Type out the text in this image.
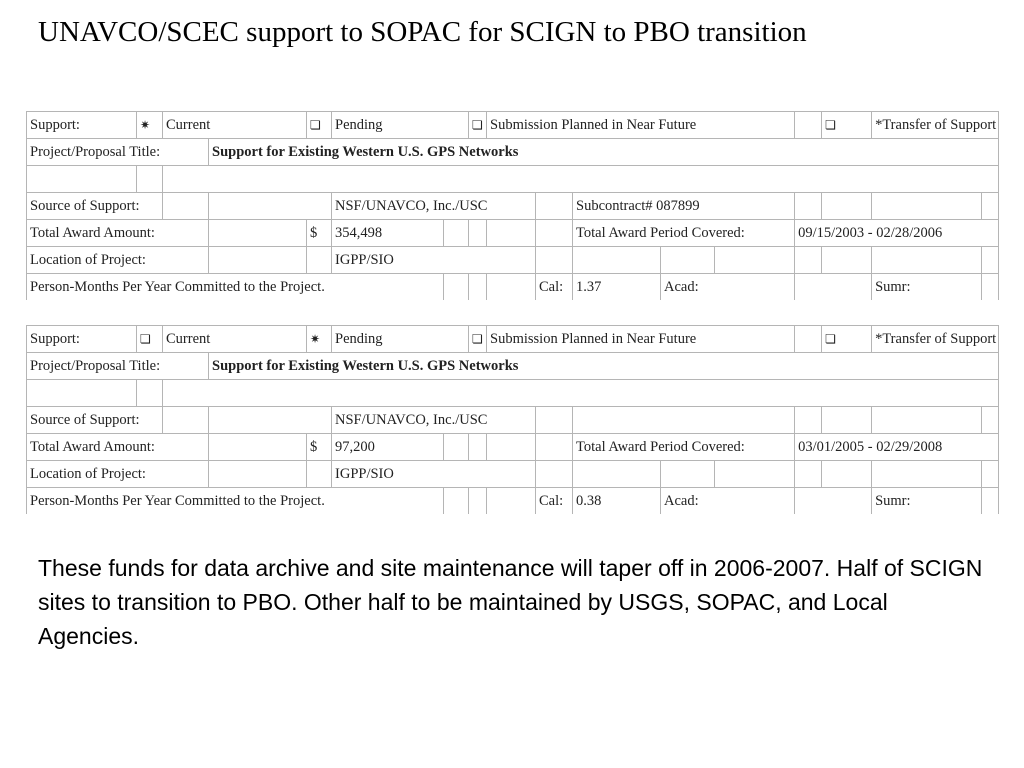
UNAVCO/SCEC support to SOPAC for SCIGN to PBO transition
Support:	✷	Current		❏	Pending		❏	Submission Planned in Near Future						❏	*Transfer of Support	
Project/Proposal Title:			Support for Existing Western U.S. GPS Networks													

Source of Support:					NSF/UNAVCO, Inc./USC					Subcontract# 087899						
Total Award Amount:				$	354,498					Total Award Period Covered:			09/15/2003 - 02/28/2006			
Location of Project:					IGPP/SIO											
Person-Months Per Year Committed to the Project.									Cal:	1.37	Acad:				Sumr:	
Support:	❏	Current		✷	Pending		❏	Submission Planned in Near Future						❏	*Transfer of Support	
Project/Proposal Title:			Support for Existing Western U.S. GPS Networks													

Source of Support:					NSF/UNAVCO, Inc./USC											
Total Award Amount:				$	97,200					Total Award Period Covered:			03/01/2005 - 02/29/2008			
Location of Project:					IGPP/SIO											
Person-Months Per Year Committed to the Project.									Cal:	0.38	Acad:				Sumr:	
These funds for data archive and site maintenance will taper off in 2006-2007. Half of SCIGN sites to transition to PBO. Other half to be maintained by USGS, SOPAC, and Local Agencies.
